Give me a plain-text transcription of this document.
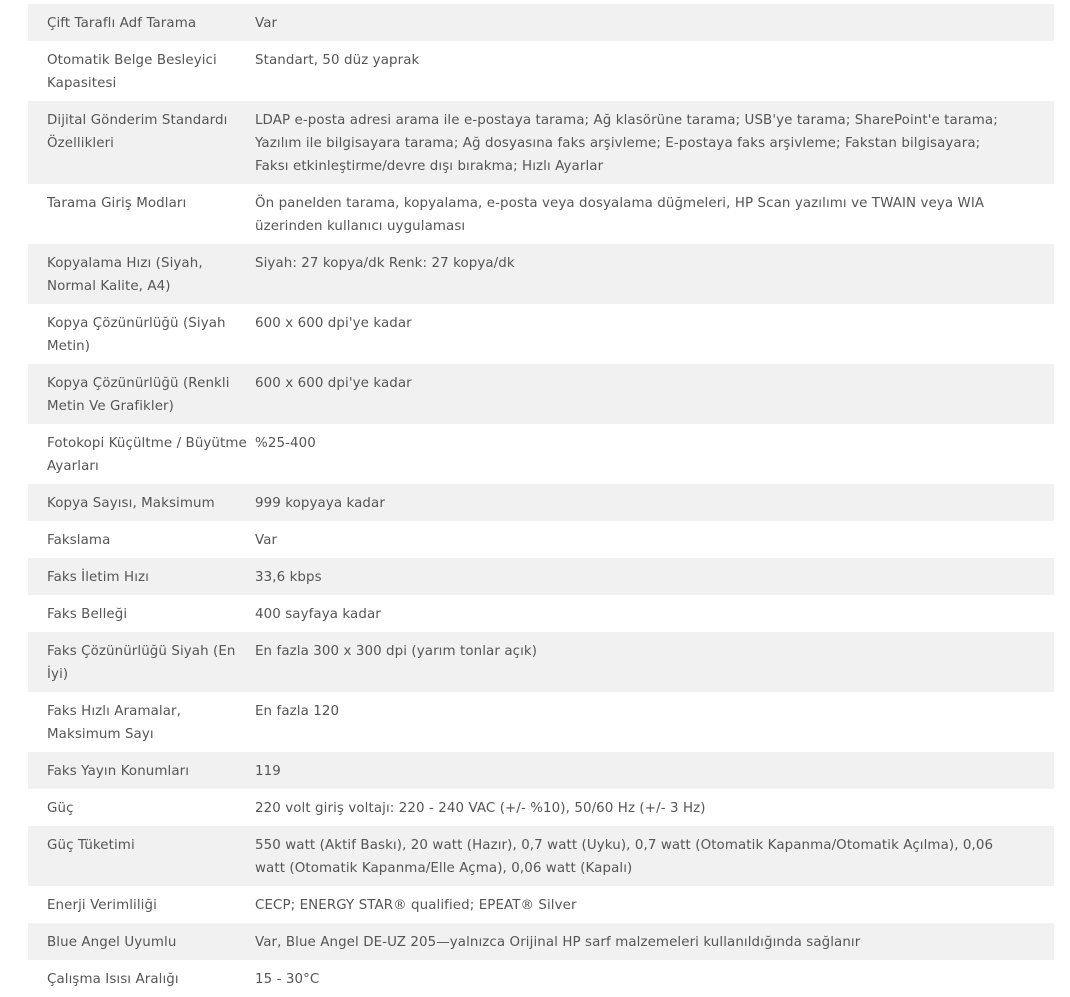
Çift Taraflı Adf Tarama	Var
Otomatik Belge Besleyici Kapasitesi	Standart, 50 düz yaprak
Dijital Gönderim Standardı Özellikleri	LDAP e-posta adresi arama ile e-postaya tarama; Ağ klasörüne tarama; USB'ye tarama; SharePoint'e tarama; Yazılım ile bilgisayara tarama; Ağ dosyasına faks arşivleme; E-postaya faks arşivleme; Fakstan bilgisayara; Faksı etkinleştirme/devre dışı bırakma; Hızlı Ayarlar
Tarama Giriş Modları	Ön panelden tarama, kopyalama, e-posta veya dosyalama düğmeleri, HP Scan yazılımı ve TWAIN veya WIA üzerinden kullanıcı uygulaması
Kopyalama Hızı (Siyah, Normal Kalite, A4)	Siyah: 27 kopya/dk Renk: 27 kopya/dk
Kopya Çözünürlüğü (Siyah Metin)	600 x 600 dpi'ye kadar
Kopya Çözünürlüğü (Renkli Metin Ve Grafikler)	600 x 600 dpi'ye kadar
Fotokopi Küçültme / Büyütme Ayarları	%25-400
Kopya Sayısı, Maksimum	999 kopyaya kadar
Fakslama	Var
Faks İletim Hızı	33,6 kbps
Faks Belleği	400 sayfaya kadar
Faks Çözünürlüğü Siyah (En İyi)	En fazla 300 x 300 dpi (yarım tonlar açık)
Faks Hızlı Aramalar, Maksimum Sayı	En fazla 120
Faks Yayın Konumları	119
Güç	220 volt giriş voltajı: 220 - 240 VAC (+/- %10), 50/60 Hz (+/- 3 Hz)
Güç Tüketimi	550 watt (Aktif Baskı), 20 watt (Hazır), 0,7 watt (Uyku), 0,7 watt (Otomatik Kapanma/Otomatik Açılma), 0,06 watt (Otomatik Kapanma/Elle Açma), 0,06 watt (Kapalı)
Enerji Verimliliği	CECP; ENERGY STAR® qualified; EPEAT® Silver
Blue Angel Uyumlu	Var, Blue Angel DE-UZ 205—yalnızca Orijinal HP sarf malzemeleri kullanıldığında sağlanır
Çalışma Isısı Aralığı	15 - 30°C
